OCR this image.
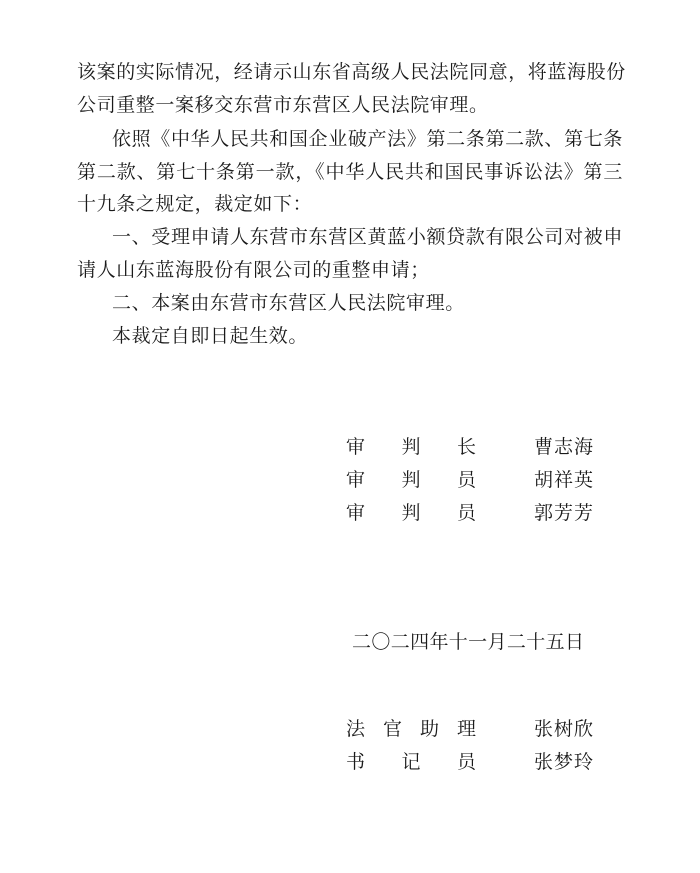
该案的实际情况，经请示山东省高级人民法院同意，将蓝海股份
公司重整一案移交东营市东营区人民法院审理。
依照《中华人民共和国企业破产法》第二条第二款、第七条
第二款、第七十条第一款，《中华人民共和国民事诉讼法》第三
十九条之规定，裁定如下：
一、受理申请人东营市东营区黄蓝小额贷款有限公司对被申
请人山东蓝海股份有限公司的重整申请；
二、本案由东营市东营区人民法院审理。
本裁定自即日起生效。
审判长	曹志海
审判员	胡祥英
审判员	郭芳芳
二〇二四年十一月二十五日
法官助理	张树欣
书记员	张梦玲
